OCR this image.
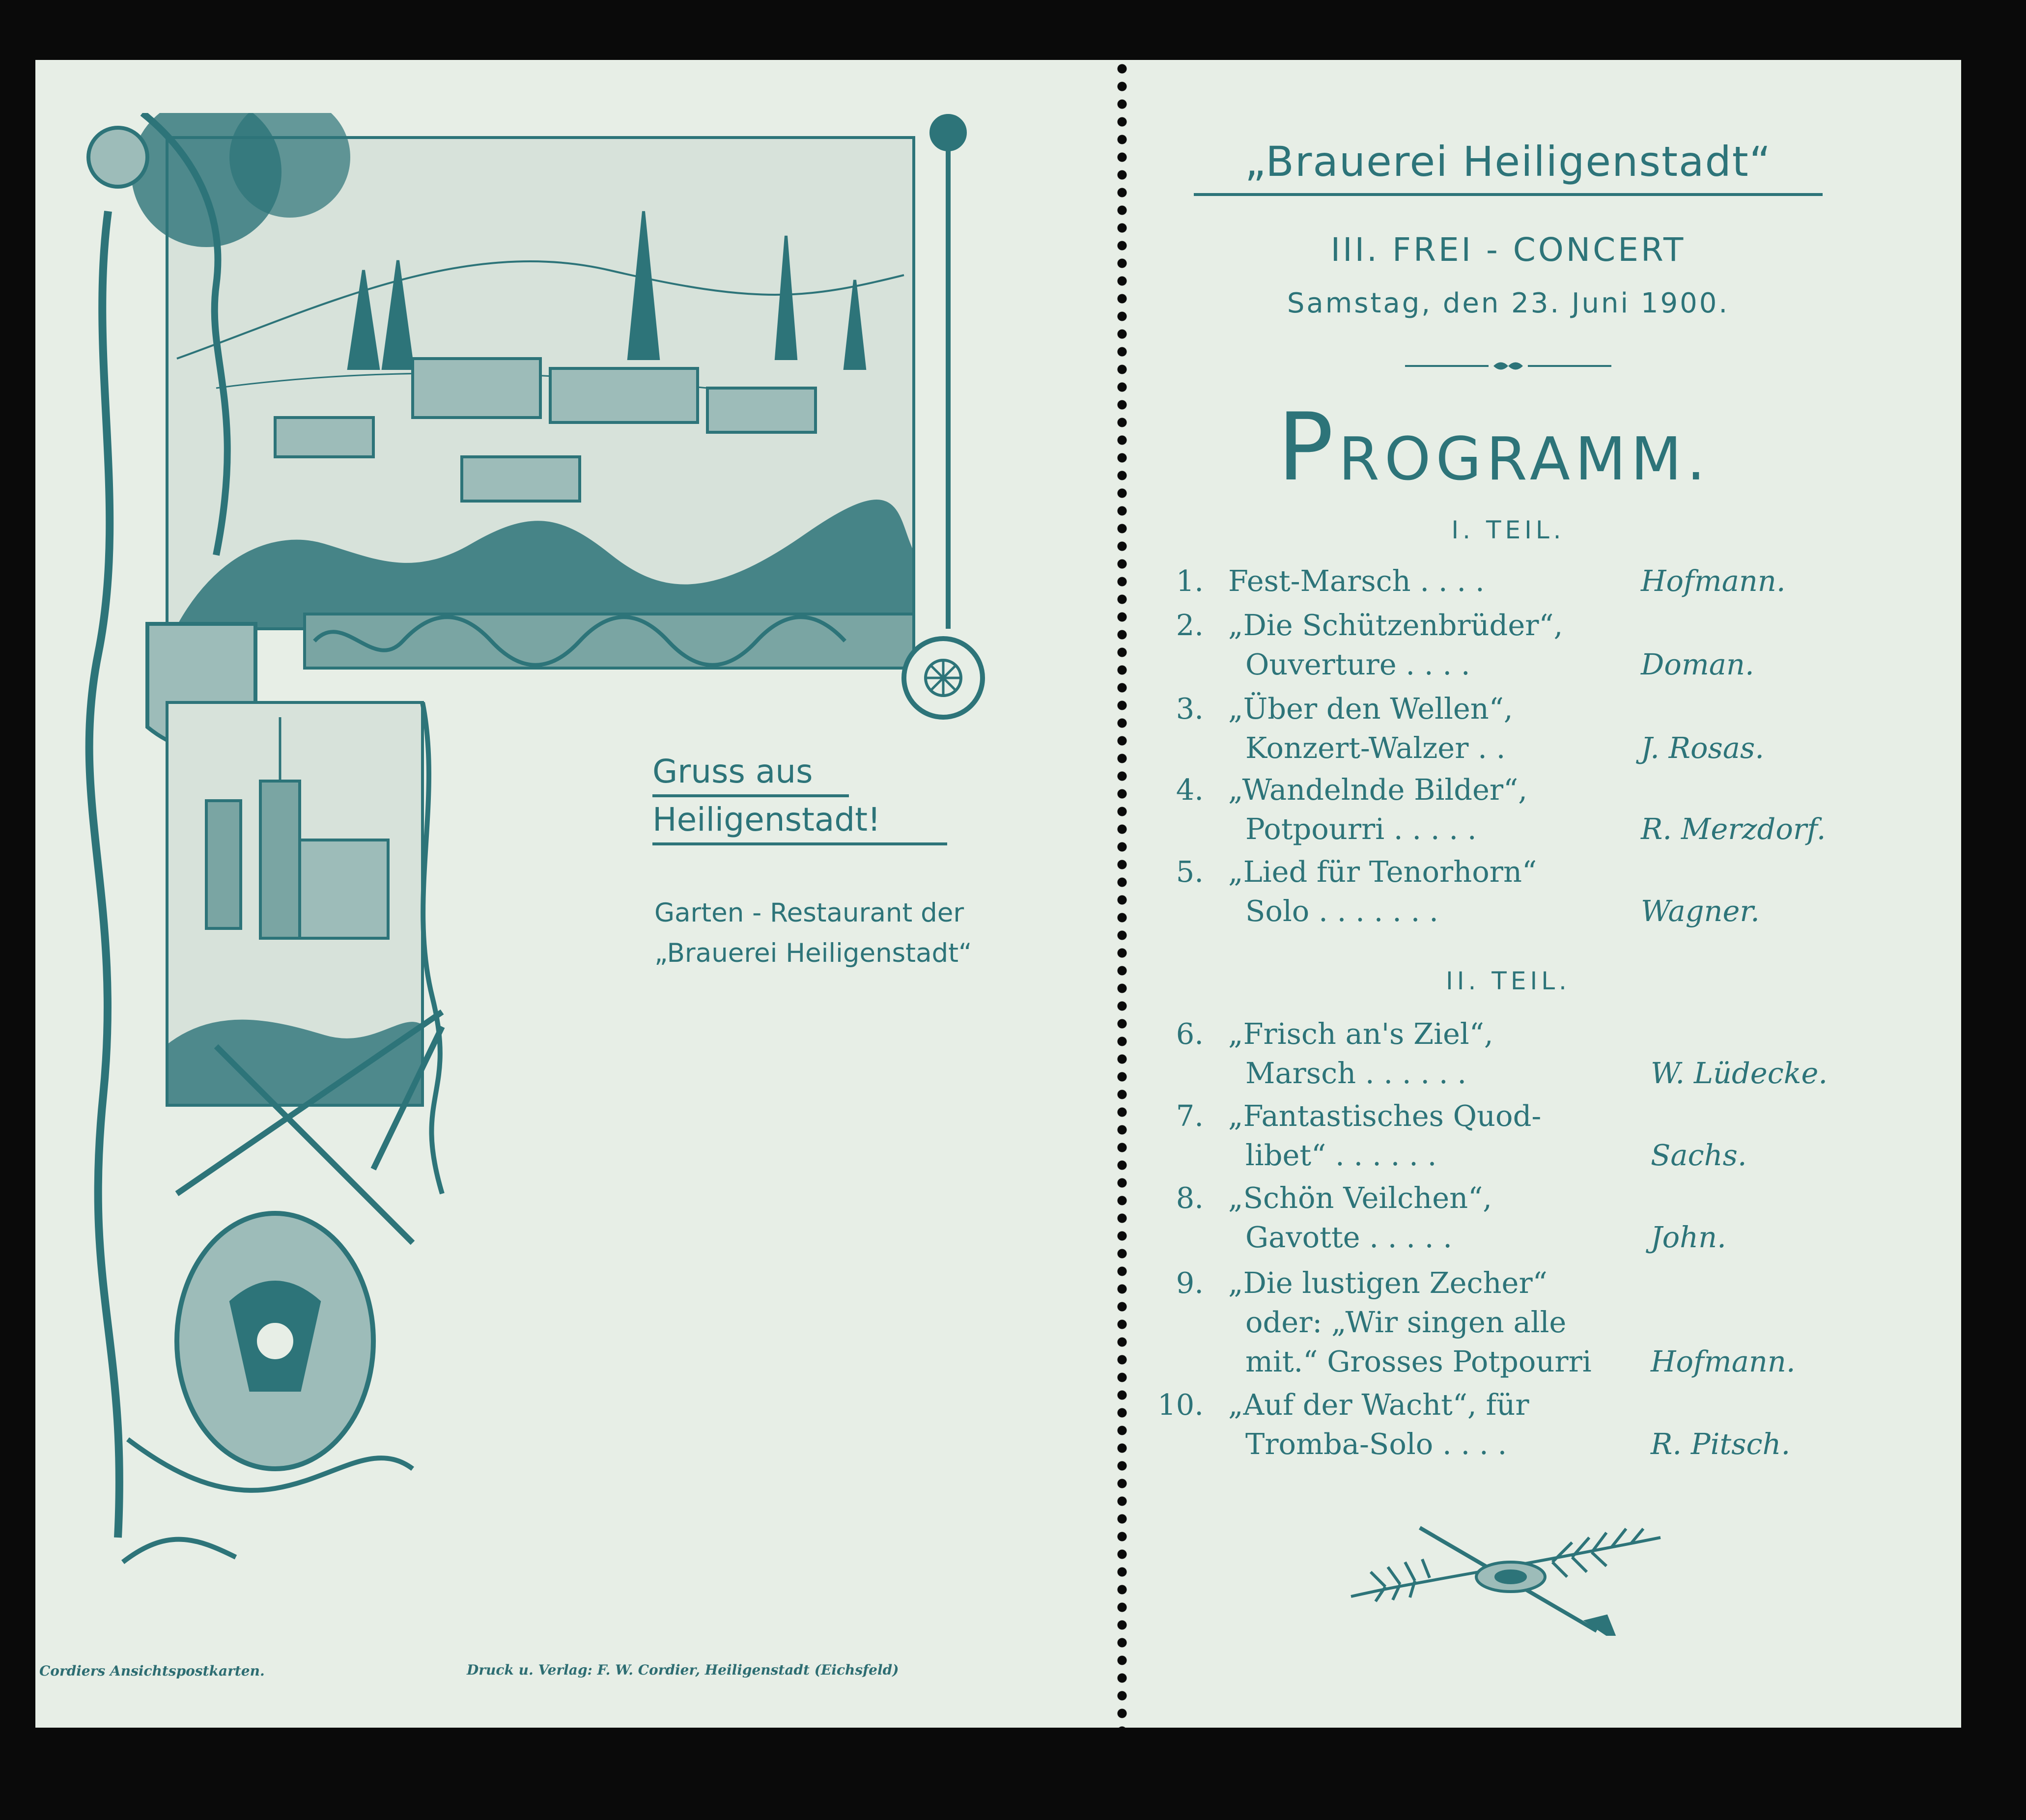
Gruss aus
Heiligenstadt!
Garten - Restaurant der
„Brauerei Heiligenstadt“
Cordiers Ansichtspostkarten.	Druck u. Verlag: F. W. Cordier, Heiligenstadt (Eichsfeld)
„Brauerei Heiligenstadt“
III. FREI - CONCERT
Samstag, den 23. Juni 1900.
PROGRAMM.
I. TEIL.
II. TEIL.
1. Fest-Marsch . . . .	Hofmann.
2. „Die Schützenbrüder“,
Ouverture . . . .	Doman.
3. „Über den Wellen“,
Konzert-Walzer . .	J. Rosas.
4. „Wandelnde Bilder“,
Potpourri . . . . .	R. Merzdorf.
5. „Lied für Tenorhorn“
Solo . . . . . . .	Wagner.
6. „Frisch an's Ziel“,
Marsch . . . . . .	W. Lüdecke.
7. „Fantastisches Quod-
libet“ . . . . . .	Sachs.
8. „Schön Veilchen“,
Gavotte . . . . .	John.
9. „Die lustigen Zecher“
oder: „Wir singen alle
mit.“ Grosses Potpourri Hofmann.
10. „Auf der Wacht“, für
Tromba-Solo . . . .	R. Pitsch.
